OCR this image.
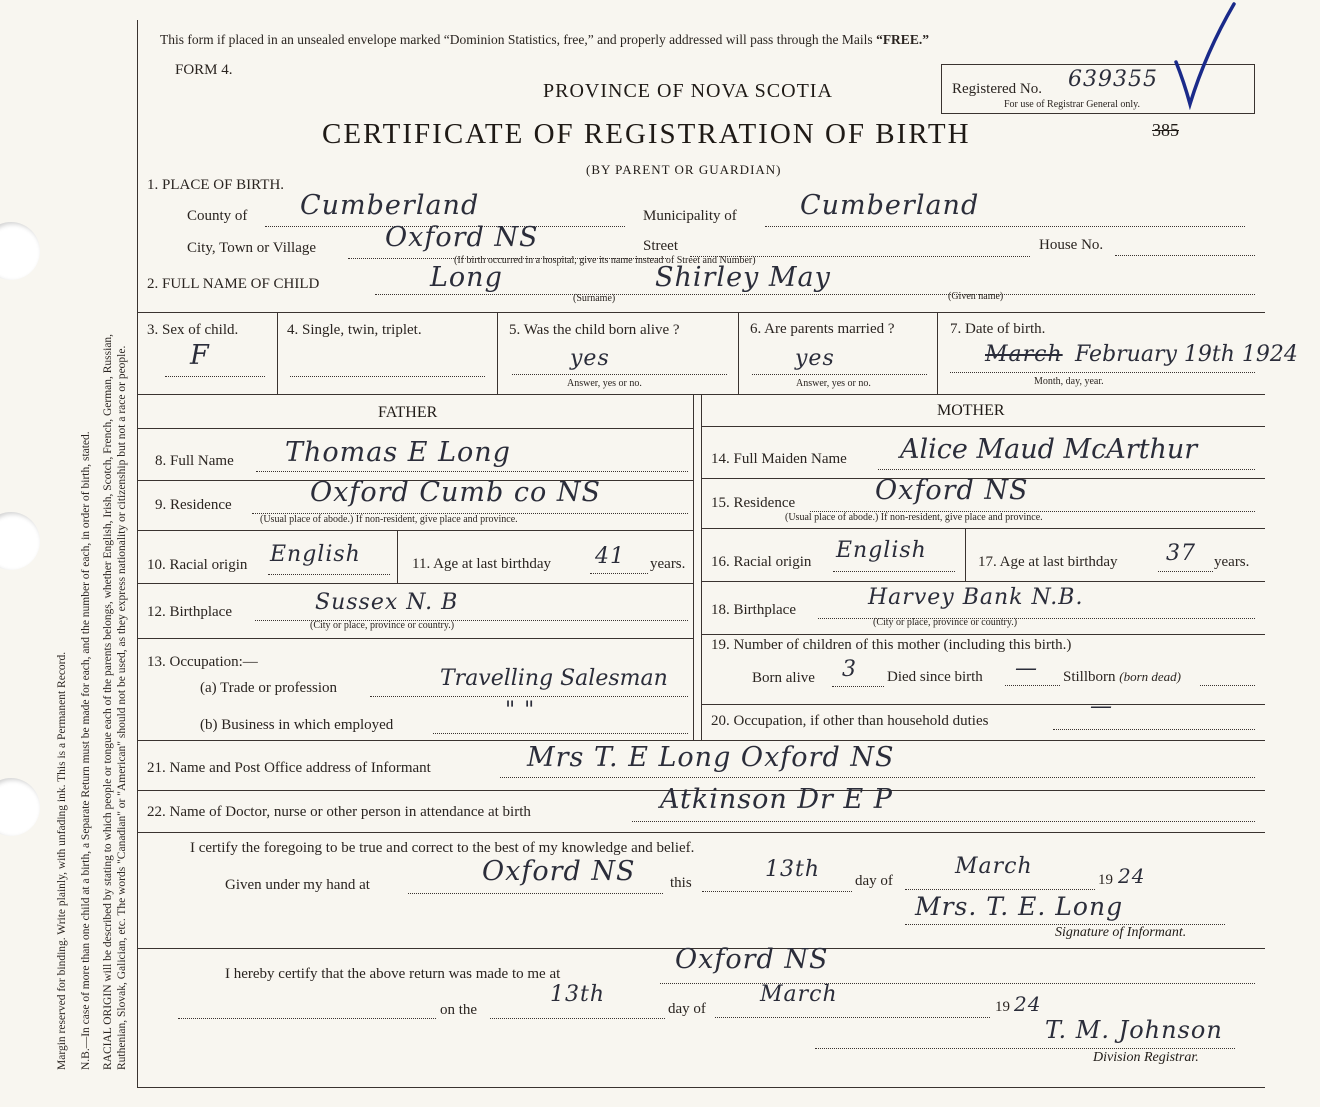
Margin reserved for binding. Write plainly, with unfading ink. This is a Permanent Record. N.B.—In case of more than one child at a birth, a Separate Return must be made for each, and the number of each, in order of birth, stated. RACIAL ORIGIN will be described by stating to which people or tongue each of the parents belongs, whether English, Irish, Scotch, French, German, Russian, Ruthenian, Slovak, Galician, etc. The words "Canadian" or "American" should not be used, as they express nationality or citizenship but not a race or people.
This form if placed in an unsealed envelope marked “Dominion Statistics, free,” and properly addressed will pass through the Mails “FREE.”
FORM 4.
Registered No. 639355
For use of Registrar General only.
PROVINCE OF NOVA SCOTIA
CERTIFICATE OF REGISTRATION OF BIRTH	385
(BY PARENT OR GUARDIAN)
1. PLACE OF BIRTH.
County of Cumberland	Municipality of Cumberland
City, Town or Village	Oxford NS	Street	House No.
(If birth occurred in a hospital, give its name instead of Street and Number)
2. FULL NAME OF CHILD	Long	Shirley May
(Surname)	(Given name)
3. Sex of child.
F
4. Single, twin, triplet.	5. Was the child born alive ?
yes
Answer, yes or no.
6. Are parents married ?
yes
Answer, yes or no.
7. Date of birth.
March February 19th 1924
Month, day, year.
FATHER	MOTHER
8. Full Name Thomas E Long
9. Residence	Oxford Cumb co NS
(Usual place of abode.) If non-resident, give place and province.
10. Racial origin English	11. Age at last birthday 41 years.
12. Birthplace	Sussex N. B
(City or place, province or country.)
13. Occupation:—
(a) Trade or profession	Travelling Salesman
(b) Business in which employed
" "
14. Full Maiden Name Alice Maud McArthur
15. Residence	Oxford NS
(Usual place of abode.) If non-resident, give place and province.
16. Racial origin English	17. Age at last birthday 37 years.
18. Birthplace	Harvey Bank N.B.
(City or place, province or country.)
19. Number of children of this mother (including this birth.)
Born alive 3 Died since birth — Stillborn (born dead)
20. Occupation, if other than household duties
—
21. Name and Post Office address of Informant	Mrs T. E Long Oxford NS
22. Name of Doctor, nurse or other person in attendance at birth	Atkinson Dr E P
I certify the foregoing to be true and correct to the best of my knowledge and belief.
Given under my hand at	Oxford NS this
13th day of
March
19 24
Mrs. T. E. Long
Signature of Informant.
I hereby certify that the above return was made to me at	Oxford NS
on the
13th
day of
March	19 24
T. M. Johnson
Division Registrar.
